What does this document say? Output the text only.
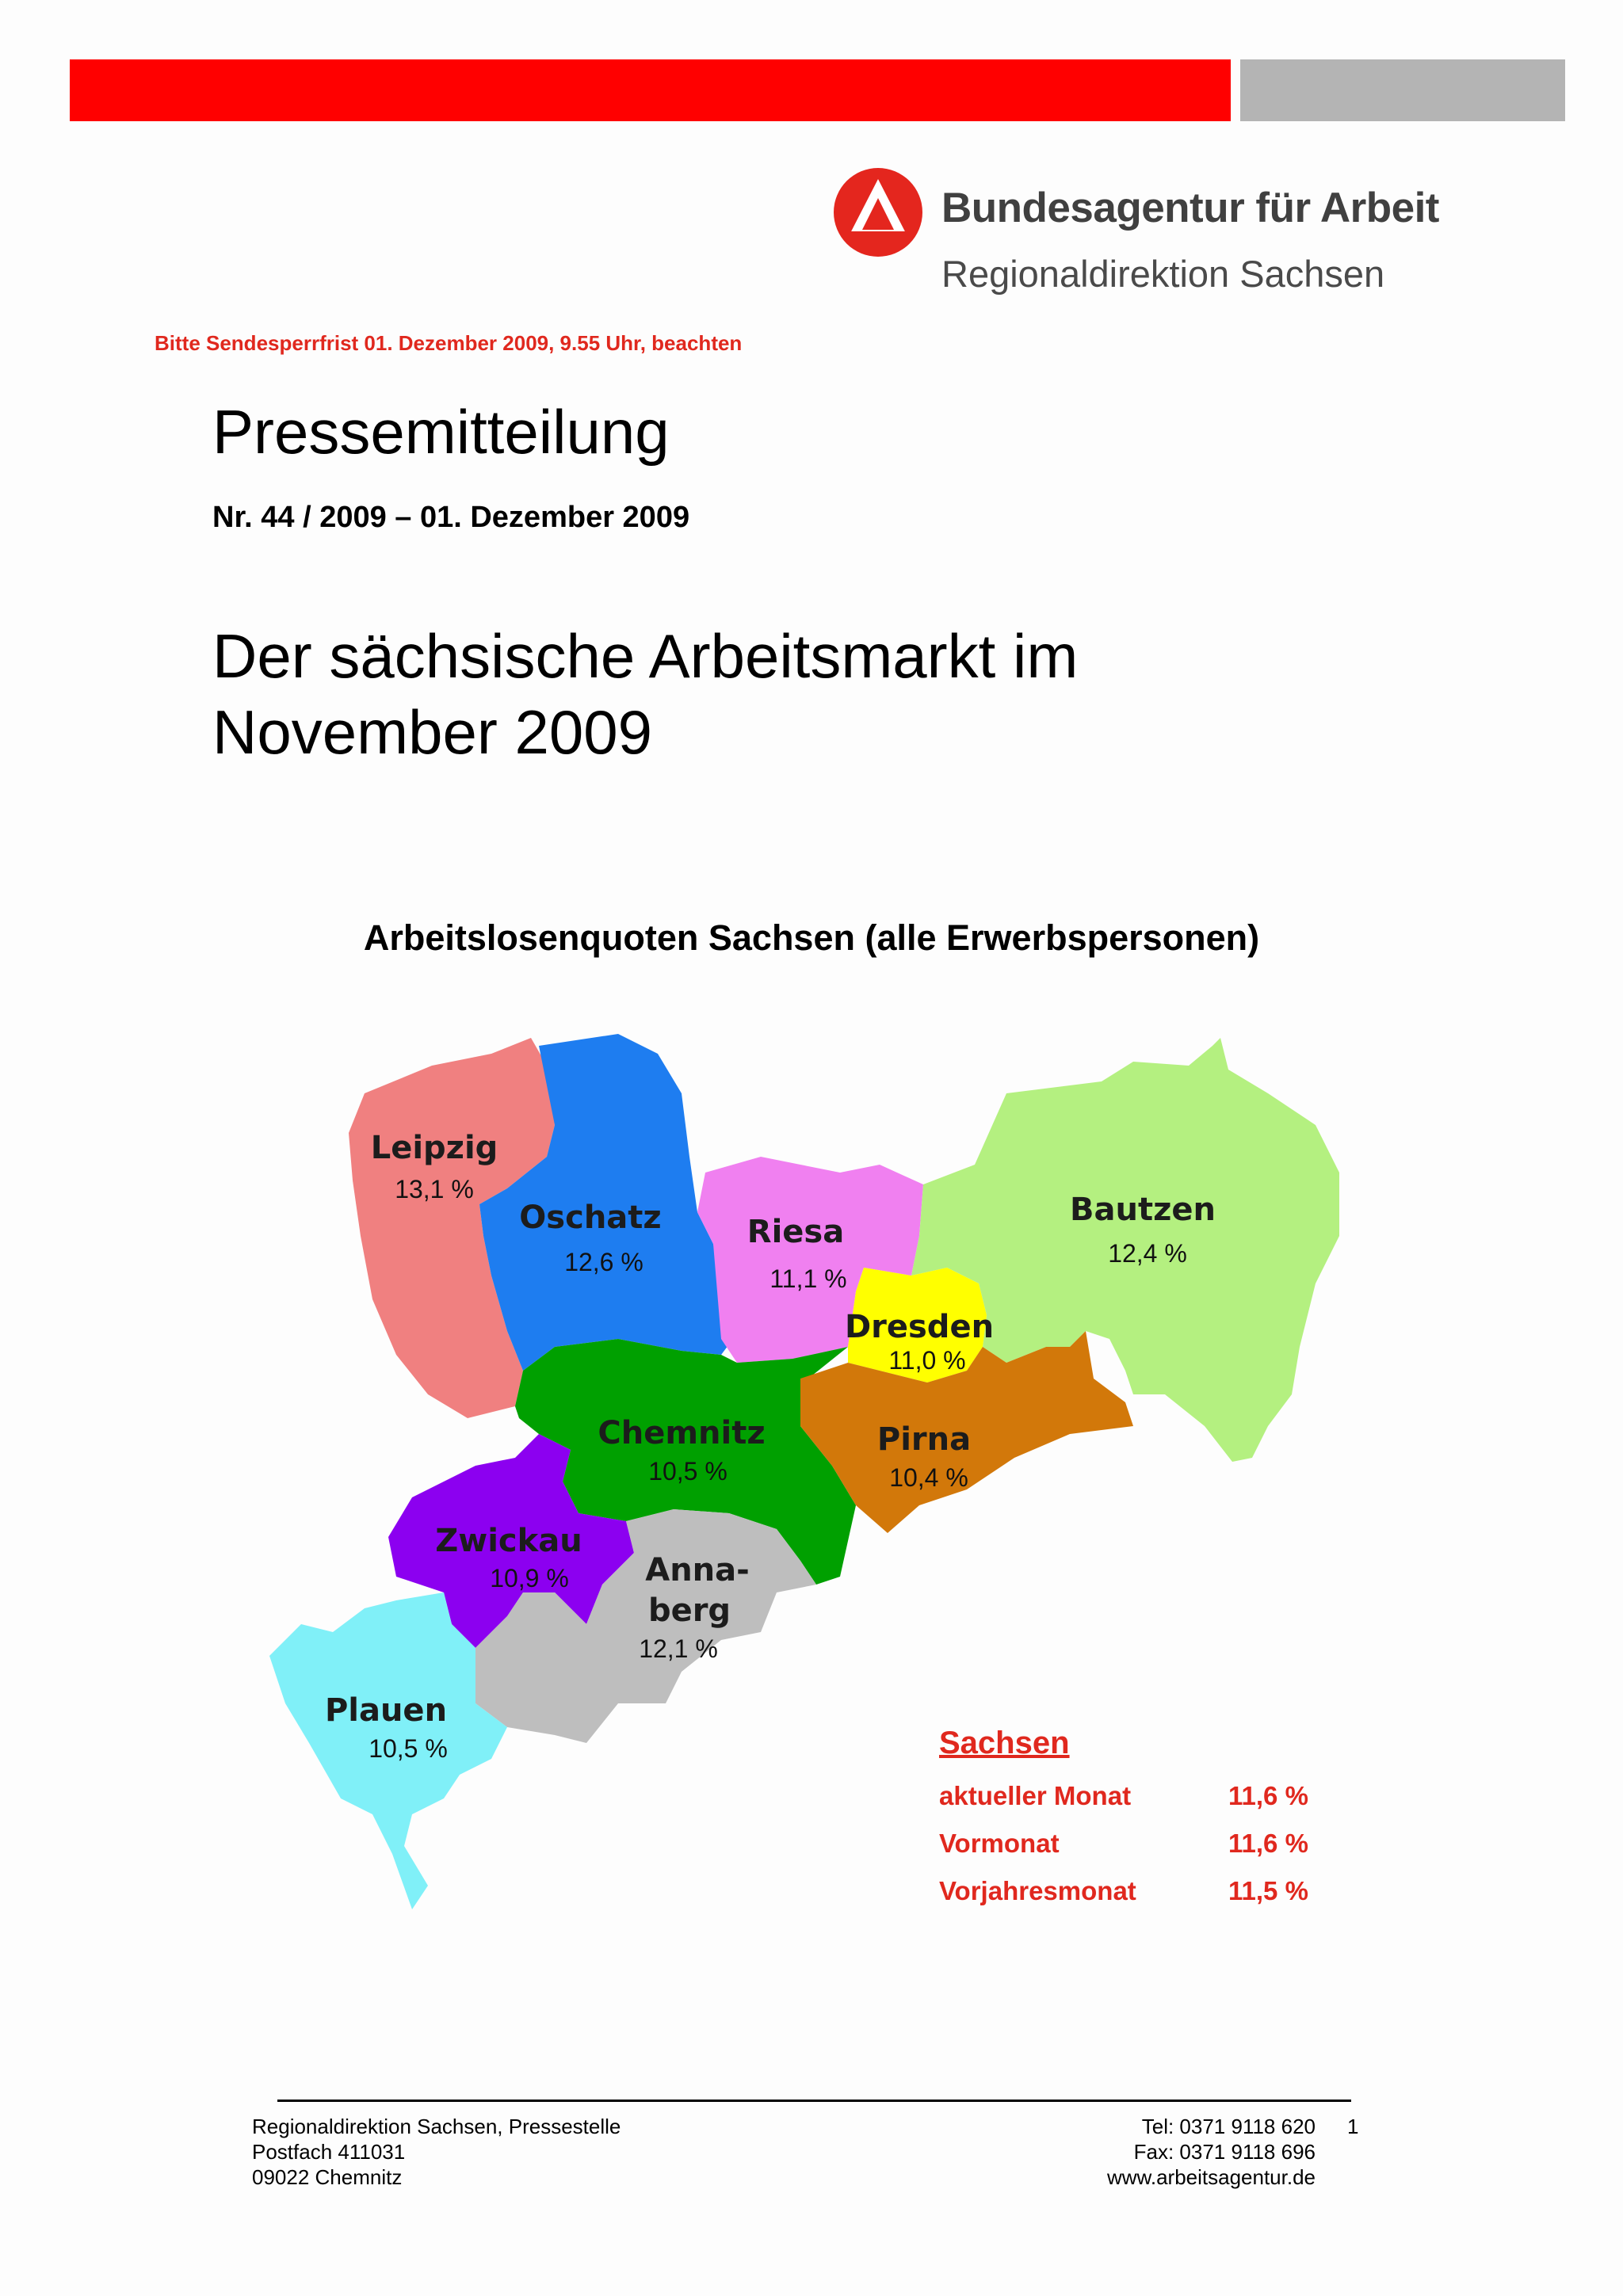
Bundesagentur für Arbeit
Regionaldirektion Sachsen
Bitte Sendesperrfrist 01. Dezember 2009, 9.55 Uhr, beachten
Pressemitteilung
Nr. 44 / 2009 – 01. Dezember 2009
Der sächsische Arbeitsmarkt im
November 2009
Arbeitslosenquoten Sachsen (alle Erwerbspersonen)
Leipzig
13,1 %
Oschatz
12,6 %
Riesa
11,1 %
Bautzen
12,4 %
Dresden
11,0 %
Chemnitz
10,5 %
Pirna
10,4 %
Zwickau
10,9 % Anna-
berg
12,1 %
Plauen
10,5 %	Sachsen
aktueller Monat	11,6 %
Vormonat	11,6 %
Vorjahresmonat	11,5 %
Regionaldirektion Sachsen, Pressestelle
Postfach 411031
09022 Chemnitz
Tel: 0371 9118 620
Fax: 0371 9118 696
www.arbeitsagentur.de
1
